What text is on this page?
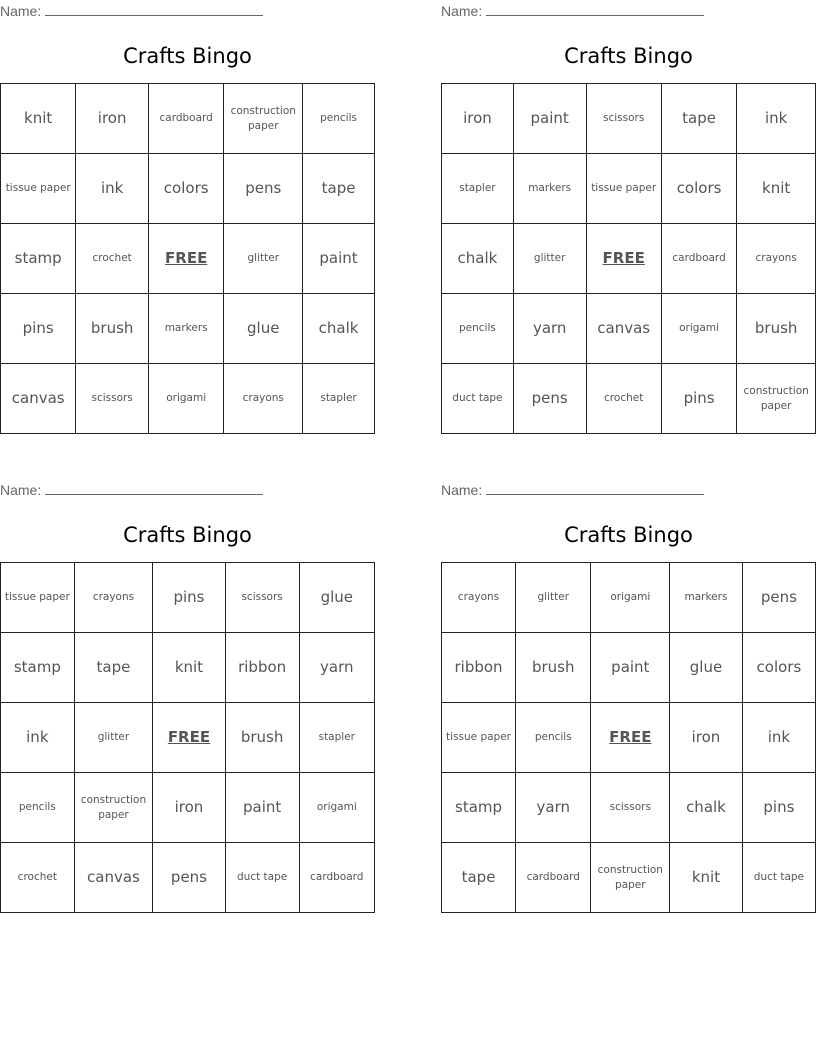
Name:
Crafts Bingo
knit	iron	cardboard	construction paper	pencils
tissue paper	ink	colors	pens	tape
stamp	crochet	FREE	glitter	paint
pins	brush	markers	glue	chalk
canvas	scissors	origami	crayons	stapler
Name:
Crafts Bingo
iron	paint	scissors	tape	ink
stapler	markers	tissue paper	colors	knit
chalk	glitter	FREE	cardboard	crayons
pencils	yarn	canvas	origami	brush
duct tape	pens	crochet	pins	construction paper
Name:
Crafts Bingo
tissue paper	crayons	pins	scissors	glue
stamp	tape	knit	ribbon	yarn
ink	glitter	FREE	brush	stapler
pencils	construction paper	iron	paint	origami
crochet	canvas	pens	duct tape	cardboard
Name:
Crafts Bingo
crayons	glitter	origami	markers	pens
ribbon	brush	paint	glue	colors
tissue paper	pencils	FREE	iron	ink
stamp	yarn	scissors	chalk	pins
tape	cardboard	construction paper	knit	duct tape
